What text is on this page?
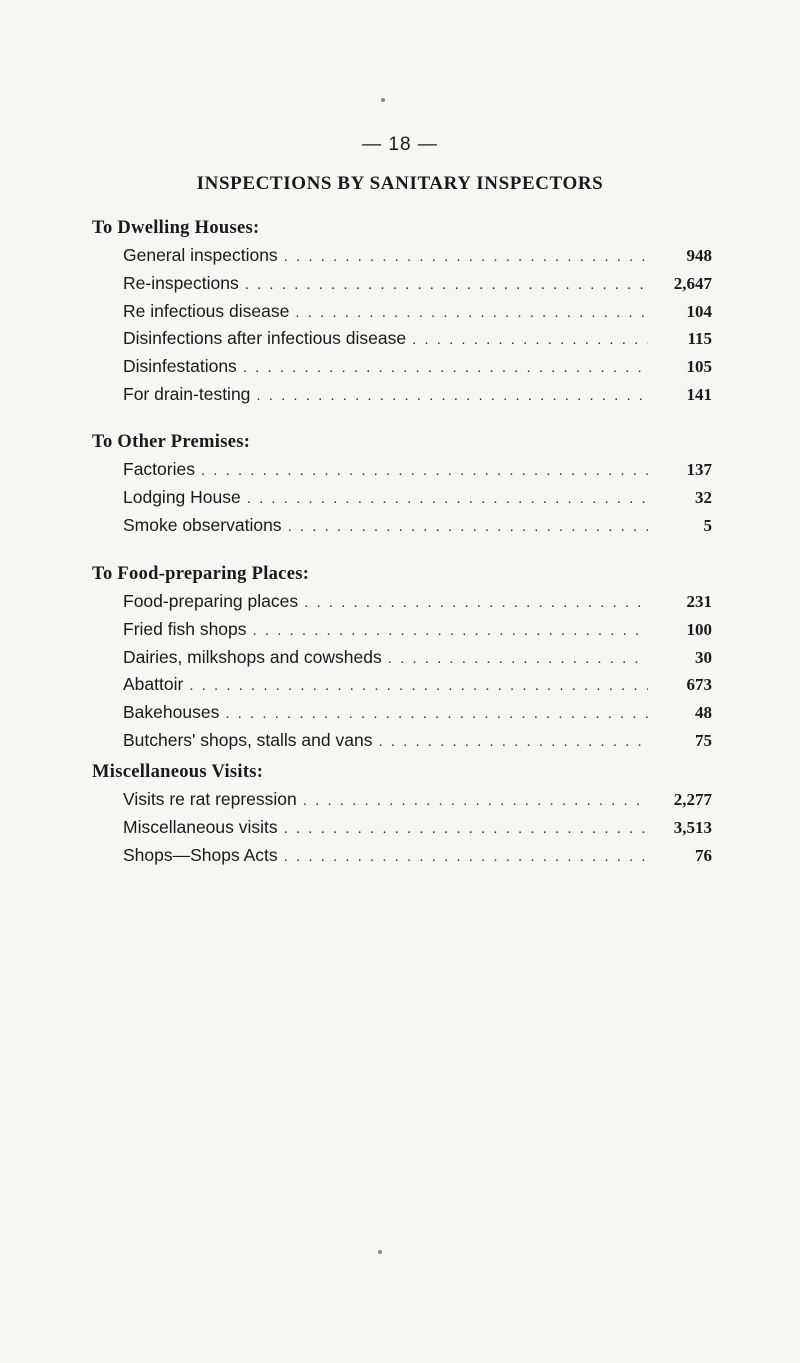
— 18 —
INSPECTIONS BY SANITARY INSPECTORS
To Dwelling Houses:
General inspections . . .	948
Re-inspections . . .	2,647
Re infectious disease . . .	104
Disinfections after infectious disease . . .	115
Disinfestations . . .	105
For drain-testing . . .	141
To Other Premises:
Factories . . .	137
Lodging House . . .	32
Smoke observations . . .	5
To Food-preparing Places:
Food-preparing places . . .	231
Fried fish shops . . .	100
Dairies, milkshops and cowsheds . . .	30
Abattoir . . .	673
Bakehouses . . .	48
Butchers' shops, stalls and vans . . .	75
Miscellaneous Visits:
Visits re rat repression . . .	2,277
Miscellaneous visits . . .	3,513
Shops—Shops Acts . . .	76
